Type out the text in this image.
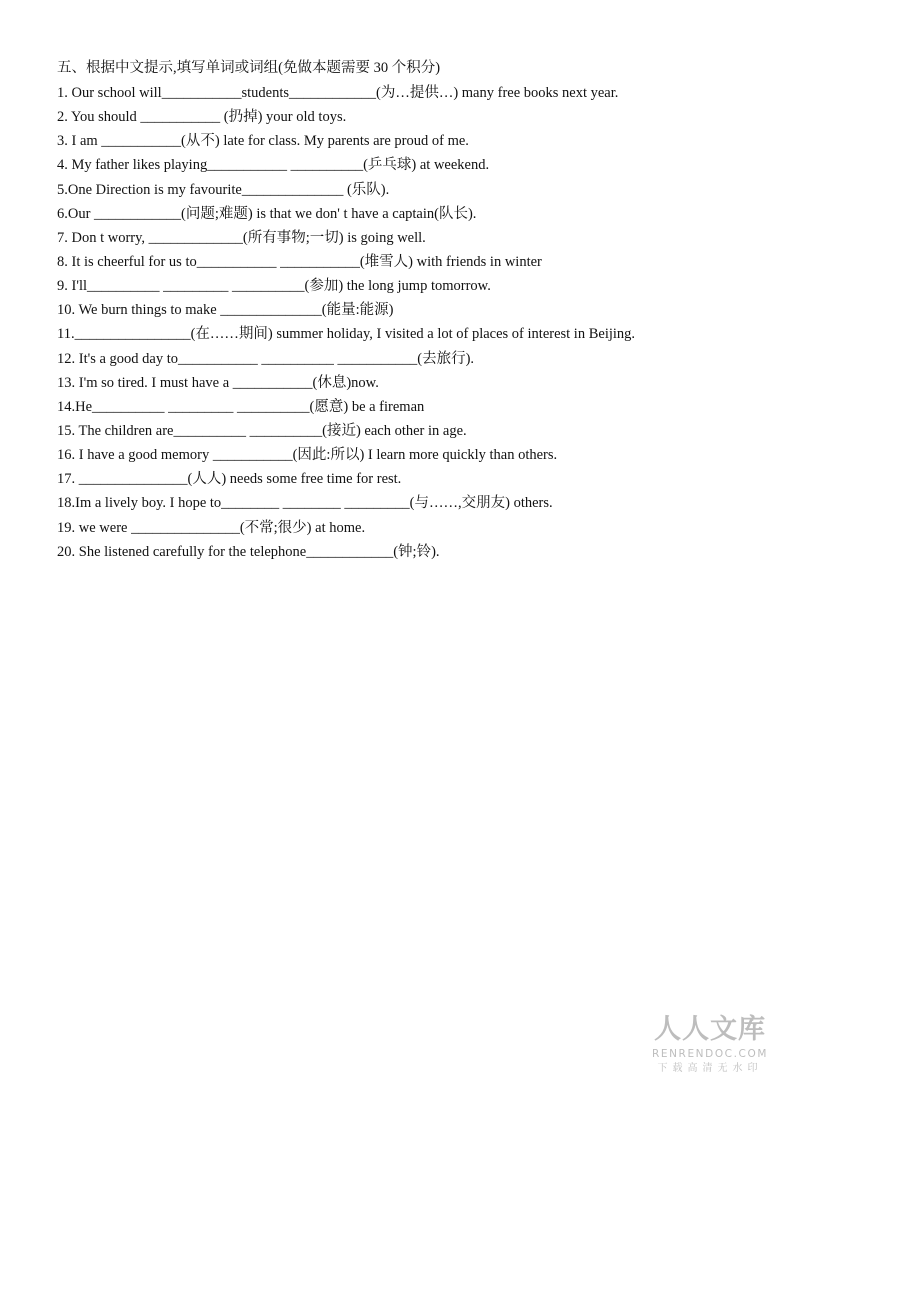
五、根据中文提示,填写单词或词组(免做本题需要 30 个积分)
1. Our school will___________students____________(为…提供…) many free books next year.
2. You should ___________ (扔掉) your old toys.
3. I am ___________(从不) late for class. My parents are proud of me.
4. My father likes playing___________ __________(乒乓球) at weekend.
5.One Direction is my favourite______________ (乐队).
6.Our ____________(问题;难题) is that we don' t have a captain(队长).
7. Don t worry, _____________(所有事物;一切) is going well.
8. It is cheerful for us to___________ ___________(堆雪人) with friends in winter
9. I'll__________ _________ __________(参加) the long jump tomorrow.
10. We burn things to make ______________(能量:能源)
11.________________(在……期间) summer holiday, I visited a lot of places of interest in Beijing.
12. It's a good day to___________ __________ ___________(去旅行).
13. I'm so tired. I must have a ___________(休息)now.
14.He__________ _________ __________(愿意) be a fireman
15. The children are__________ __________(接近) each other in age.
16. I have a good memory ___________(因此:所以) I learn more quickly than others.
17. _______________(人人) needs some free time for rest.
18.Im a lively boy. I hope to________ ________ _________(与……,交朋友) others.
19. we were _______________(不常;很少) at home.
20. She listened carefully for the telephone____________(钟;铃).
人人文库
RENRENDOC.COM
下载高清无水印
